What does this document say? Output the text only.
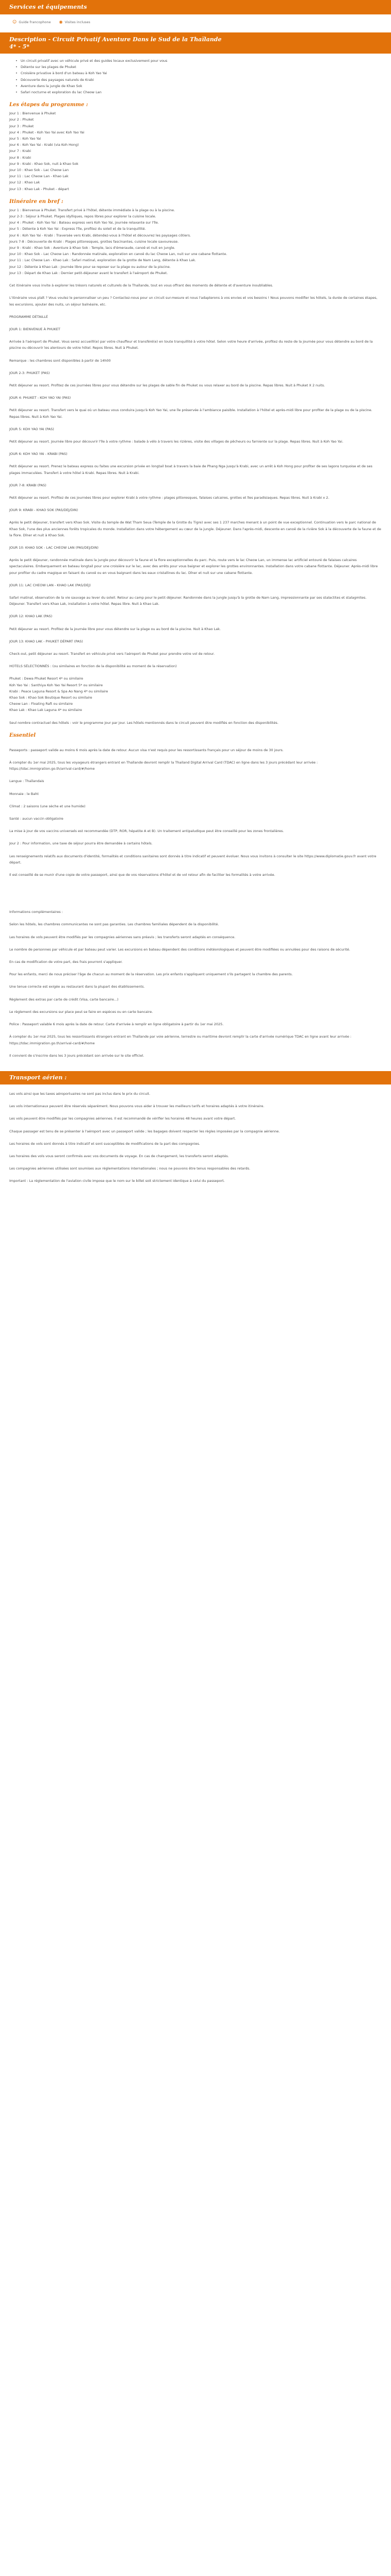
Services et équipements
☺ Guide francophone ◉ Visites incluses
Description - Circuit Privatif Aventure Dans le Sud de la Thaïlande
4* - 5*
• Un circuit privatif avec un véhicule privé et des guides locaux exclusivement pour vous
• Détente sur les plages de Phuket
• Croisière privative à bord d'un bateau à Koh Yao Yai
• Découverte des paysages naturels de Krabi
• Aventure dans la jungle de Khao Sok
• Safari nocturne et exploration du lac Cheow Lan
Les étapes du programme :
Jour 1 : Bienvenue à Phuket
Jour 2 : Phuket
Jour 3 : Phuket
Jour 4 : Phuket - Koh Yao Yai avec Koh Yao Yai
Jour 5 : Koh Yao Yai
Jour 6 : Koh Yao Yai - Krabi (via Koh Hong)
Jour 7 : Krabi
Jour 8 : Krabi
Jour 9 : Krabi - Khao Sok, nuit à Khao Sok
Jour 10 : Khao Sok - Lac Cheow Lan
Jour 11 : Lac Cheow Lan - Khao Lak
Jour 12 : Khao Lak
Jour 13 : Khao Lak - Phuket - départ
Itinéraire en bref :
Jour 1 : Bienvenue à Phuket. Transfert privé à l'hôtel, détente immédiate à la plage ou à la piscine.
Jour 2-3 : Séjour à Phuket. Plages idylliques, repos libres pour explorer la cuisine locale.
Jour 4 : Phuket - Koh Yao Yai : Bateau express vers Koh Yao Yai, journée relaxante sur l'île.
Jour 5 : Détente à Koh Yao Yai : Express l'île, profitez du soleil et de la tranquillité.
Jour 6 : Koh Yao Yai - Krabi : Traversée vers Krabi, détendez-vous à l'hôtel et découvrez les paysages côtiers.
Jours 7-8 : Découverte de Krabi : Plages pittoresques, grottes fascinantes, cuisine locale savoureuse.
Jour 9 : Krabi - Khao Sok : Aventure à Khao Sok : Temple, lacs d'émeraude, canoë et nuit en jungle.
Jour 10 : Khao Sok - Lac Cheow Lan : Randonnée matinale, exploration en canoë du lac Cheow Lan, nuit sur une cabane flottante.
Jour 11 : Lac Cheow Lan - Khao Lak : Safari matinal, exploration de la grotte de Nam Lang, détente à Khao Lak.
Jour 12 : Détente à Khao Lak : Journée libre pour se reposer sur la plage ou autour de la piscine.
Jour 13 : Départ de Khao Lak : Dernier petit-déjeuner avant le transfert à l'aéroport de Phuket.
Cet itinéraire vous invite à explorer les trésors naturels et culturels de la Thaïlande, tout en vous offrant des moments de détente et d'aventure inoubliables.
L'itinéraire vous plaît ? Vous voulez le personnaliser un peu ? Contactez-nous pour un circuit sur-mesure et nous l'adapterons à vos envies et vos besoins ! Nous pouvons modifier les hôtels, la durée de certaines étapes, les excursions, ajouter des nuits, un séjour balnéaire, etc.
PROGRAMME DÉTAILLÉ
JOUR 1: BIENVENUE À PHUKET
Arrivée à l'aéroport de Phuket. Vous serez accueilli(e) par votre chauffeur et transféré(e) en toute tranquillité à votre hôtel. Selon votre heure d'arrivée, profitez du reste de la journée pour vous détendre au bord de la piscine ou découvrir les alentours de votre hôtel. Repos libres. Nuit à Phuket.
Remarque : les chambres sont disponibles à partir de 14h00
JOUR 2-3: PHUKET (PAS)
Petit déjeuner au resort. Profitez de ces journées libres pour vous détendre sur les plages de sable fin de Phuket ou vous relaxer au bord de la piscine. Repas libres. Nuit à Phuket X 2 nuits.
JOUR 4: PHUKET - KOH YAO YAI (PAS)
Petit déjeuner au resort. Transfert vers le quai où un bateau vous conduira jusqu'à Koh Yao Yai, une île préservée à l'ambiance paisible. Installation à l'hôtel et après-midi libre pour profiter de la plage ou de la piscine. Repas libres. Nuit à Koh Yao Yai.
JOUR 5: KOH YAO YAI (PAS)
Petit déjeuner au resort. Journée libre pour découvrir l'île à votre rythme : balade à vélo à travers les rizières, visite des villages de pêcheurs ou farniente sur la plage. Repas libres. Nuit à Koh Yao Yai.
JOUR 6: KOH YAO YAI - KRABI (PAS)
Petit déjeuner au resort. Prenez le bateau express ou faites une excursion privée en longtail boat à travers la baie de Phang Nga jusqu'à Krabi, avec un arrêt à Koh Hong pour profiter de ses lagons turquoise et de ses plages immaculées. Transfert à votre hôtel à Krabi. Repas libres. Nuit à Krabi.
JOUR 7-8: KRABI (PAS)
Petit déjeuner au resort. Profitez de ces journées libres pour explorer Krabi à votre rythme : plages pittoresques, falaises calcaires, grottes et îles paradisiaques. Repas libres. Nuit à Krabi x 2.
JOUR 9: KRABI - KHAO SOK (PAS/DEJ/DIN)
Après le petit déjeuner, transfert vers Khao Sok. Visite du temple de Wat Tham Seua (Temple de la Grotte du Tigre) avec ses 1 237 marches menant à un point de vue exceptionnel. Continuation vers le parc national de Khao Sok, l'une des plus anciennes forêts tropicales du monde. Installation dans votre hébergement au cœur de la jungle. Déjeuner. Dans l'après-midi, descente en canoë de la rivière Sok à la découverte de la faune et de la flore. Dîner et nuit à Khao Sok.
JOUR 10: KHAO SOK - LAC CHEOW LAN (PAS/DEJ/DIN)
Après le petit déjeuner, randonnée matinale dans la jungle pour découvrir la faune et la flore exceptionnelles du parc. Puis, route vers le lac Cheow Lan, un immense lac artificiel entouré de falaises calcaires spectaculaires. Embarquement en bateau longtail pour une croisière sur le lac, avec des arrêts pour vous baigner et explorer les grottes environnantes. Installation dans votre cabane flottante. Déjeuner. Après-midi libre pour profiter du cadre magique en faisant du canoë ou en vous baignant dans les eaux cristallines du lac. Dîner et nuit sur une cabane flottante.
JOUR 11: LAC CHEOW LAN - KHAO LAK (PAS/DEJ)
Safari matinal, observation de la vie sauvage au lever du soleil. Retour au camp pour le petit déjeuner. Randonnée dans la jungle jusqu'à la grotte de Nam Lang, impressionnante par ses stalactites et stalagmites. Déjeuner. Transfert vers Khao Lak, installation à votre hôtel. Repas libre. Nuit à Khao Lak.
JOUR 12: KHAO LAK (PAS)
Petit déjeuner au resort. Profitez de la journée libre pour vous détendre sur la plage ou au bord de la piscine. Nuit à Khao Lak.
JOUR 13: KHAO LAK - PHUKET DÉPART (PAS)
Check-out, petit déjeuner au resort. Transfert en véhicule privé vers l'aéroport de Phuket pour prendre votre vol de retour.
HOTELS SÉLECTIONNÉS : (ou similaires en fonction de la disponibilité au moment de la réservation)
Phuket : Dewa Phuket Resort 4* ou similaire
Koh Yao Yai : Santhiya Koh Yao Yai Resort 5* ou similaire
Krabi : Peace Laguna Resort & Spa Ao Nang 4* ou similaire
Khao Sok : Khao Sok Boutique Resort ou similaire
Cheow Lan : Floating Raft ou similaire
Khao Lak : Khao Lak Laguna 4* ou similaire
Seul nombre contractuel des hôtels : voir le programme jour par jour. Les hôtels mentionnés dans le circuit peuvent être modifiés en fonction des disponibilités.
Essentiel
Passeports : passeport valide au moins 6 mois après la date de retour. Aucun visa n'est requis pour les ressortissants français pour un séjour de moins de 30 jours.
À compter du 1er mai 2025, tous les voyageurs étrangers entrant en Thaïlande devront remplir la Thailand Digital Arrival Card (TDAC) en ligne dans les 3 jours précédant leur arrivée : https://tdac.immigration.go.th/arrival-card/#/home
Langue : Thaïlandais
Monnaie : le Baht
Climat : 2 saisons (une sèche et une humide)
Santé : aucun vaccin obligatoire
La mise à jour de vos vaccins universels est recommandée (DTP, ROR, hépatite A et B). Un traitement antipaludique peut être conseillé pour les zones frontalières.
Jour 2 : Pour information, une taxe de séjour pourra être demandée à certains hôtels.
Les renseignements relatifs aux documents d'identité, formalités et conditions sanitaires sont donnés à titre indicatif et peuvent évoluer. Nous vous invitons à consulter le site https://www.diplomatie.gouv.fr avant votre départ.
Il est conseillé de se munir d'une copie de votre passeport, ainsi que de vos réservations d'hôtel et de vol retour afin de faciliter les formalités à votre arrivée.
Informations complémentaires :
Selon les hôtels, les chambres communicantes ne sont pas garanties. Les chambres familiales dépendent de la disponibilité.
Les horaires de vols peuvent être modifiés par les compagnies aériennes sans préavis ; les transferts seront adaptés en conséquence.
Le nombre de personnes par véhicule et par bateau peut varier. Les excursions en bateau dépendent des conditions météorologiques et peuvent être modifiées ou annulées pour des raisons de sécurité.
En cas de modification de votre part, des frais pourront s'appliquer.
Pour les enfants, merci de nous préciser l'âge de chacun au moment de la réservation. Les prix enfants s'appliquent uniquement s'ils partagent la chambre des parents.
Une tenue correcte est exigée au restaurant dans la plupart des établissements.
Règlement des extras par carte de crédit (Visa, carte bancaire...)
Le règlement des excursions sur place peut se faire en espèces ou en carte bancaire.
Police : Passeport valable 6 mois après la date de retour. Carte d'arrivée à remplir en ligne obligatoire à partir du 1er mai 2025.
À compter du 1er mai 2025, tous les ressortissants étrangers entrant en Thaïlande par voie aérienne, terrestre ou maritime devront remplir la carte d'arrivée numérique TDAC en ligne avant leur arrivée : https://tdac.immigration.go.th/arrival-card/#/home
Il convient de s'inscrire dans les 3 jours précédant son arrivée sur le site officiel.
Transport aérien :
Les vols ainsi que les taxes aéroportuaires ne sont pas inclus dans le prix du circuit.
Les vols internationaux peuvent être réservés séparément. Nous pouvons vous aider à trouver les meilleurs tarifs et horaires adaptés à votre itinéraire.
Les vols peuvent être modifiés par les compagnies aériennes. Il est recommandé de vérifier les horaires 48 heures avant votre départ.
Chaque passager est tenu de se présenter à l'aéroport avec un passeport valide ; les bagages doivent respecter les règles imposées par la compagnie aérienne.
Les horaires de vols sont donnés à titre indicatif et sont susceptibles de modifications de la part des compagnies.
Les horaires des vols vous seront confirmés avec vos documents de voyage. En cas de changement, les transferts seront adaptés.
Les compagnies aériennes utilisées sont soumises aux réglementations internationales ; nous ne pouvons être tenus responsables des retards.
Important : La réglementation de l'aviation civile impose que le nom sur le billet soit strictement identique à celui du passeport.
